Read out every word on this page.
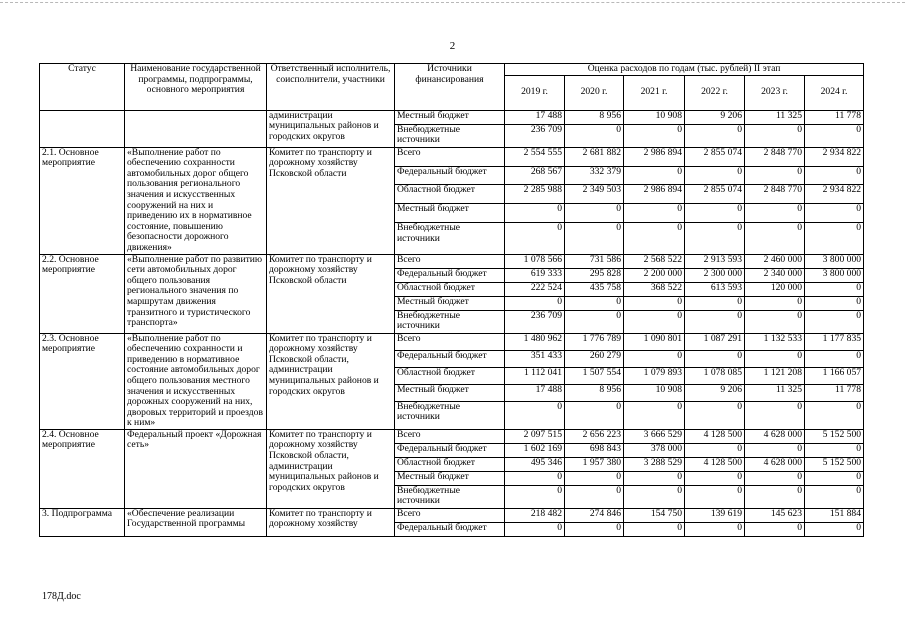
2
Статус	Наименование государственной программы, подпрограммы, основного мероприятия	Ответственный исполнитель, соисполнители, участники	Источники финансирования	Оценка расходов по годам (тыс. рублей) II этап					
				2019 г.	2020 г.	2021 г.	2022 г.	2023 г.	2024 г.
		администрации муниципальных районов и городских округов	Местный бюджет	17 488	8 956	10 908	9 206	11 325	11 778
			Внебюджетные источники	236 709	0	0	0	0	0
2.1. Основное мероприятие	«Выполнение работ по обеспечению сохранности автомобильных дорог общего пользования регионального значения и искусственных сооружений на них и приведению их в нормативное состояние, повышению безопасности дорожного движения»	Комитет по транспорту и дорожному хозяйству Псковской области	Всего	2 554 555	2 681 882	2 986 894	2 855 074	2 848 770	2 934 822
			Федеральный бюджет	268 567	332 379	0	0	0	0
			Областной бюджет	2 285 988	2 349 503	2 986 894	2 855 074	2 848 770	2 934 822
			Местный бюджет	0	0	0	0	0	0
			Внебюджетные источники	0	0	0	0	0	0
2.2. Основное мероприятие	«Выполнение работ по развитию сети автомобильных дорог общего пользования регионального значения по маршрутам движения транзитного и туристического транспорта»	Комитет по транспорту и дорожному хозяйству Псковской области	Всего	1 078 566	731 586	2 568 522	2 913 593	2 460 000	3 800 000
			Федеральный бюджет	619 333	295 828	2 200 000	2 300 000	2 340 000	3 800 000
			Областной бюджет	222 524	435 758	368 522	613 593	120 000	0
			Местный бюджет	0	0	0	0	0	0
			Внебюджетные источники	236 709	0	0	0	0	0
2.3. Основное мероприятие	«Выполнение работ по обеспечению сохранности и приведению в нормативное состояние автомобильных дорог общего пользования местного значения и искусственных дорожных сооружений на них, дворовых территорий и проездов к ним»	Комитет по транспорту и дорожному хозяйству Псковской области, администрации муниципальных районов и городских округов	Всего	1 480 962	1 776 789	1 090 801	1 087 291	1 132 533	1 177 835
			Федеральный бюджет	351 433	260 279	0	0	0	0
			Областной бюджет	1 112 041	1 507 554	1 079 893	1 078 085	1 121 208	1 166 057
			Местный бюджет	17 488	8 956	10 908	9 206	11 325	11 778
			Внебюджетные источники	0	0	0	0	0	0
2.4. Основное мероприятие	Федеральный проект «Дорожная сеть»	Комитет по транспорту и дорожному хозяйству Псковской области, администрации муниципальных районов и городских округов	Всего	2 097 515	2 656 223	3 666 529	4 128 500	4 628 000	5 152 500
			Федеральный бюджет	1 602 169	698 843	378 000	0	0	0
			Областной бюджет	495 346	1 957 380	3 288 529	4 128 500	4 628 000	5 152 500
			Местный бюджет	0	0	0	0	0	0
			Внебюджетные источники	0	0	0	0	0	0
3. Подпрограмма	«Обеспечение реализации Государственной программы	Комитет по транспорту и дорожному хозяйству	Всего	218 482	274 846	154 750	139 619	145 623	151 884
			Федеральный бюджет	0	0	0	0	0	0
178Д.doc
